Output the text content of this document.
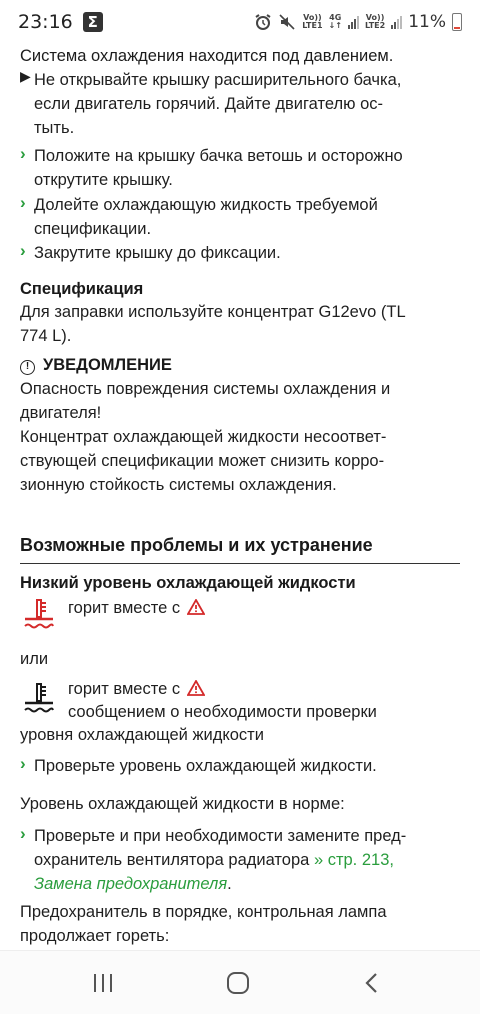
23:16 Σ	Vo))
LTE1
4G
↓↑
Vo))
LTE2 11%
Система охлаждения находится под давлением.
▶ Не открывайте крышку расширительного бачка,
если двигатель горячий. Дайте двигателю ос-
тыть.
› Положите на крышку бачка ветошь и осторожно
открутите крышку.
› Долейте охлаждающую жидкость требуемой
спецификации.
› Закрутите крышку до фиксации.
Спецификация
Для заправки используйте концентрат G12evo (TL
774 L).
! УВЕДОМЛЕНИЕ
Опасность повреждения системы охлаждения и
двигателя!
Концентрат охлаждающей жидкости несоответ-
ствующей спецификации может снизить корро-
зионную стойкость системы охлаждения.
Возможные проблемы и их устранение
Низкий уровень охлаждающей жидкости
горит вместе с
или
горит вместе с
сообщением о необходимости проверки
уровня охлаждающей жидкости
› Проверьте уровень охлаждающей жидкости.
Уровень охлаждающей жидкости в норме:
› Проверьте и при необходимости замените пред-
охранитель вентилятора радиатора » стр. 213,
Замена предохранителя.
Предохранитель в порядке, контрольная лампа
продолжает гореть:
